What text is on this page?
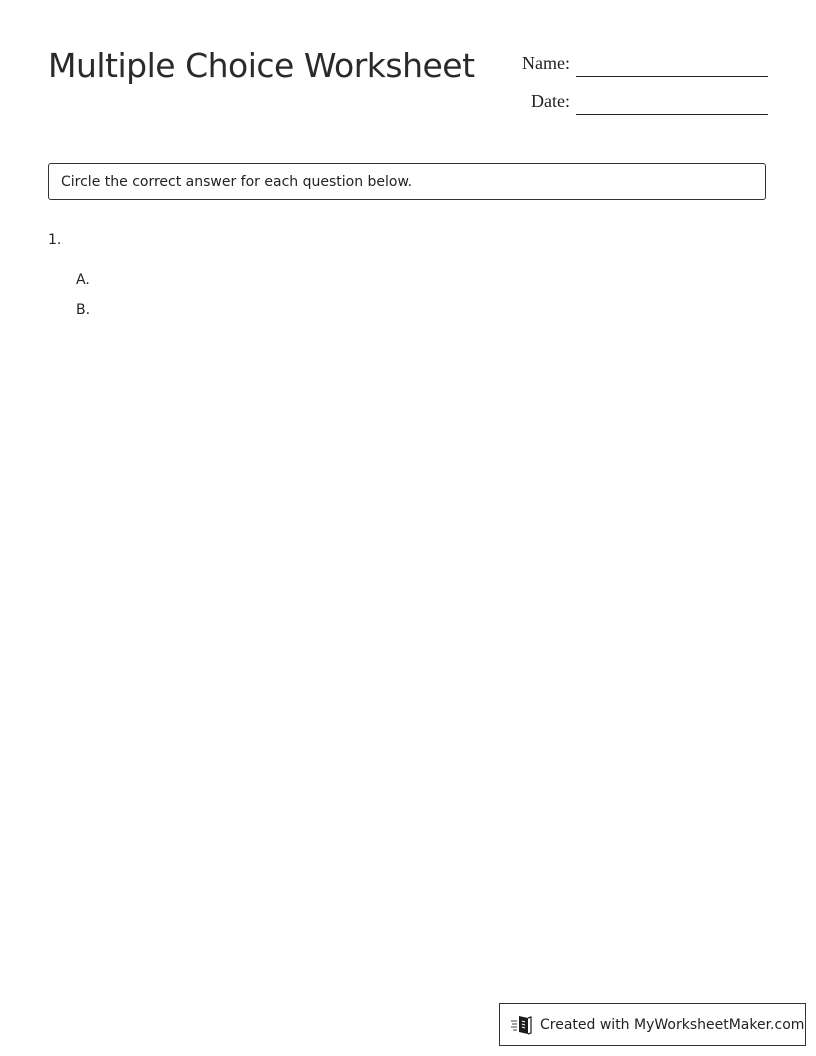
Multiple Choice Worksheet	Name:
Date:
Circle the correct answer for each question below.
1.
A.
B.
Created with MyWorksheetMaker.com
